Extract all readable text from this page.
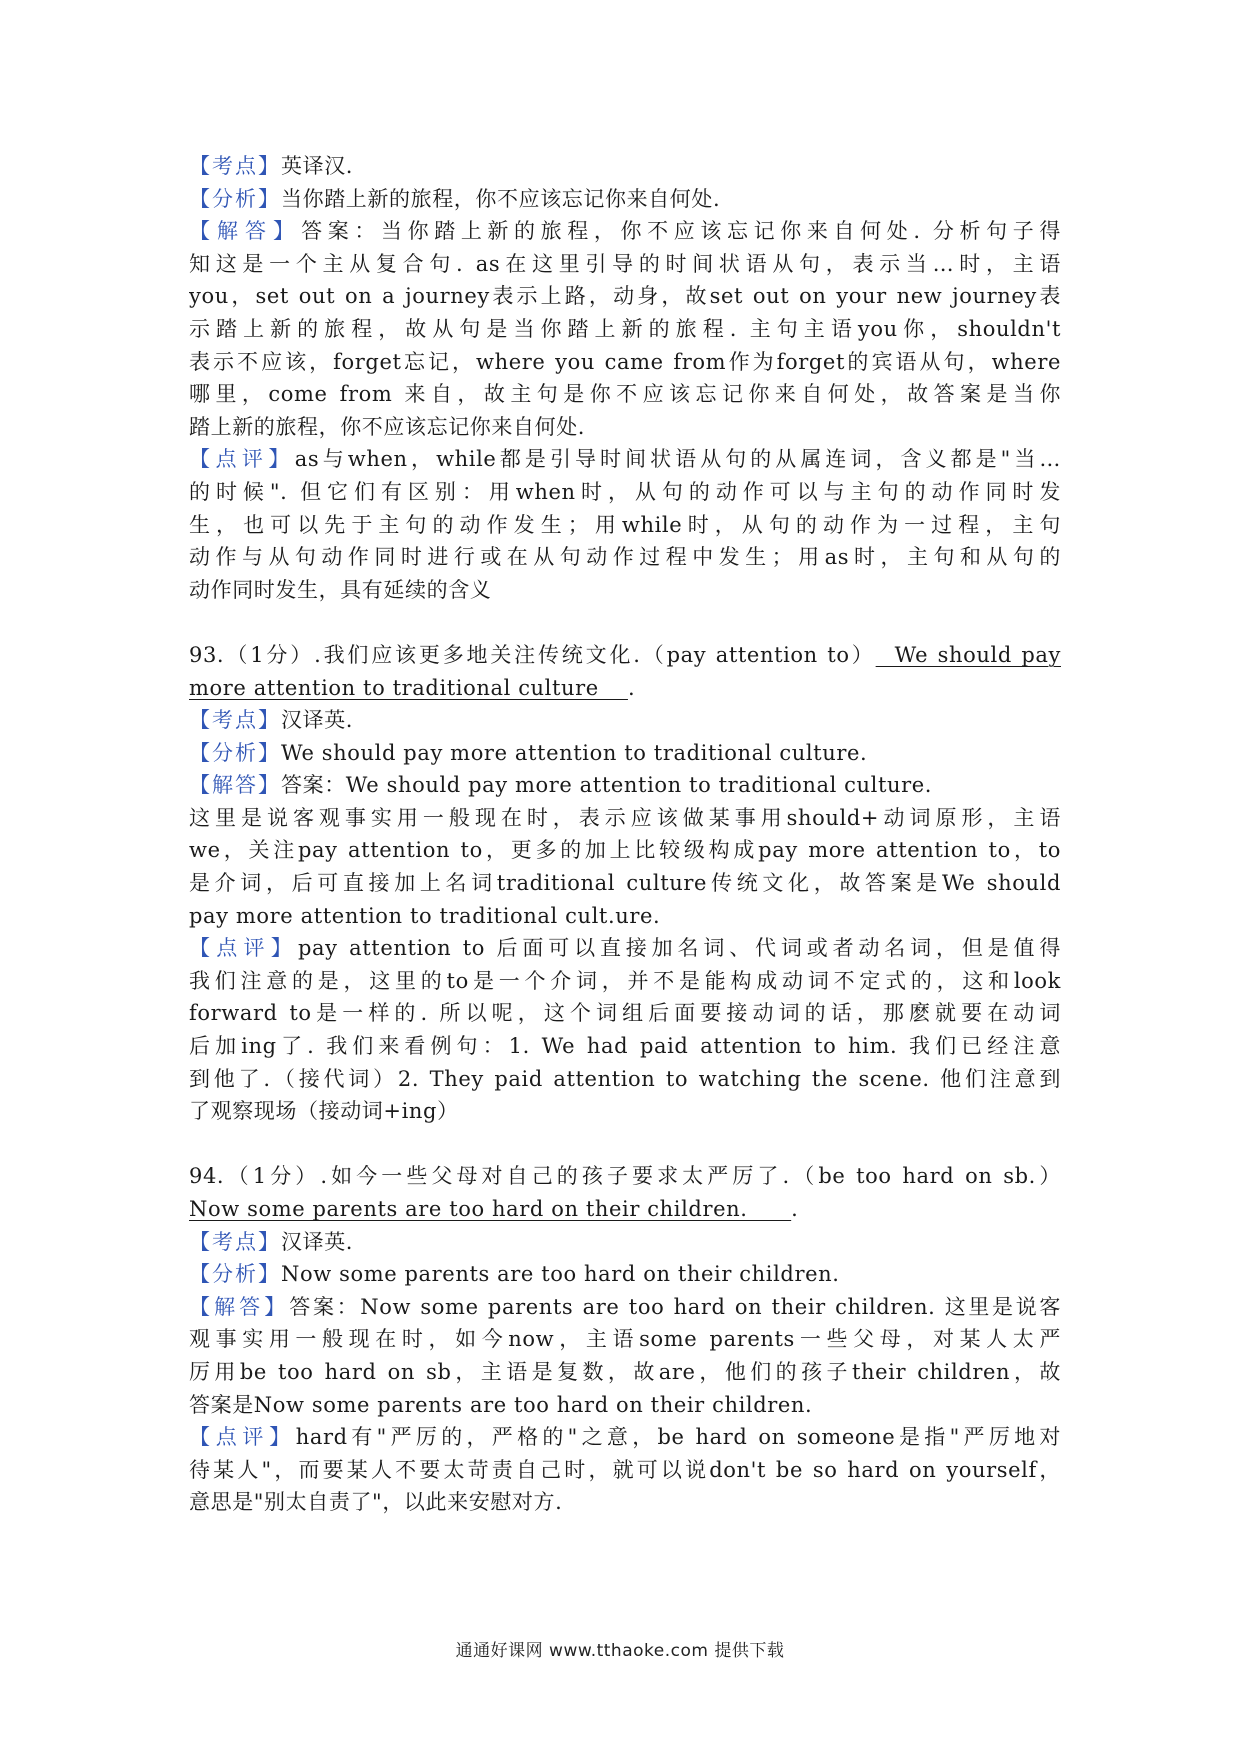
【考点】英译汉.
【分析】当你踏上新的旅程，你不应该忘记你来自何处.
【解答】答案：当你踏上新的旅程，你不应该忘记你来自何处. 分析句子得
知这是一个主从复合句. as在这里引导的时间状语从句，表示当…时，主语
you，set out on a journey表示上路，动身，故set out on your new journey表
示踏上新的旅程，故从句是当你踏上新的旅程. 主句主语you你，shouldn't
表示不应该，forget忘记，where you came from作为forget的宾语从句，where
哪里，come from 来自，故主句是你不应该忘记你来自何处，故答案是当你
踏上新的旅程，你不应该忘记你来自何处.
【点评】as与when，while都是引导时间状语从句的从属连词，含义都是"当…
的时候". 但它们有区别：用when时，从句的动作可以与主句的动作同时发
生，也可以先于主句的动作发生；用while时，从句的动作为一过程，主句
动作与从句动作同时进行或在从句动作过程中发生；用as时，主句和从句的
动作同时发生，具有延续的含义
93.（1分）.我们应该更多地关注传统文化.（pay attention to）  We should pay
more attention to traditional culture    .
【考点】汉译英.
【分析】We should pay more attention to traditional culture.
【解答】答案：We should pay more attention to traditional culture.
这里是说客观事实用一般现在时，表示应该做某事用should+动词原形，主语
we，关注pay attention to，更多的加上比较级构成pay more attention to，to
是介词，后可直接加上名词traditional culture传统文化，故答案是We should
pay more attention to traditional cult.ure.
【点评】pay attention to 后面可以直接加名词、代词或者动名词，但是值得
我们注意的是，这里的to是一个介词，并不是能构成动词不定式的，这和look
forward to是一样的. 所以呢，这个词组后面要接动词的话，那麽就要在动词
后加ing了. 我们来看例句：1. We had paid attention to him. 我们已经注意
到他了.（接代词）2. They paid attention to watching the scene. 他们注意到
了观察现场（接动词+ing）
94.（1分）.如今一些父母对自己的孩子要求太严厉了.（be too hard on sb.）
Now some parents are too hard on their children.      .
【考点】汉译英.
【分析】Now some parents are too hard on their children.
【解答】答案：Now some parents are too hard on their children. 这里是说客
观事实用一般现在时，如今now，主语some parents一些父母，对某人太严
厉用be too hard on sb，主语是复数，故are，他们的孩子their children，故
答案是Now some parents are too hard on their children.
【点评】hard有"严厉的，严格的"之意，be hard on someone是指"严厉地对
待某人"，而要某人不要太苛责自己时，就可以说don't be so hard on yourself，
意思是"别太自责了"，以此来安慰对方.
通通好课网 www.tthaoke.com 提供下载
